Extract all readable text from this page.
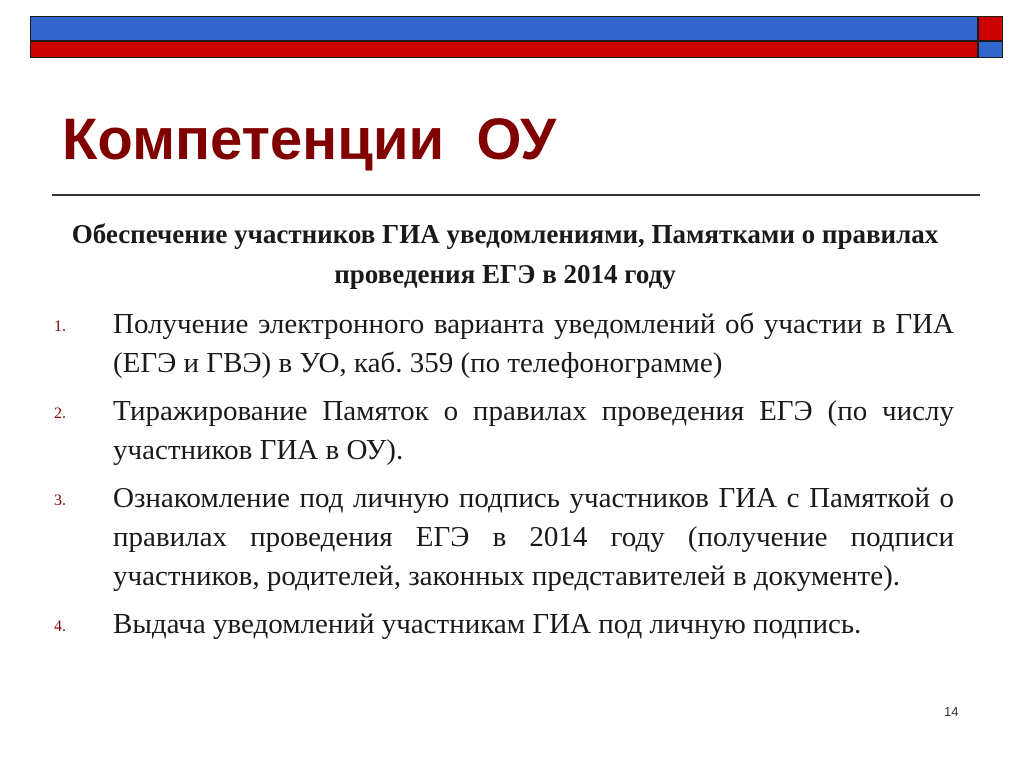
Компетенции  ОУ

Обеспечение участников ГИА уведомлениями, Памятками о правилах проведения ЕГЭ в 2014 году

1. Получение электронного варианта уведомлений об участии в ГИА (ЕГЭ и ГВЭ) в УО, каб. 359 (по телефонограмме)
2. Тиражирование Памяток о правилах проведения ЕГЭ (по числу участников ГИА в ОУ).
3. Ознакомление под личную подпись участников ГИА с Памяткой о правилах проведения ЕГЭ в 2014 году (получение подписи участников, родителей, законных представителей в документе).
4. Выдача уведомлений участникам ГИА под личную подпись.
14
